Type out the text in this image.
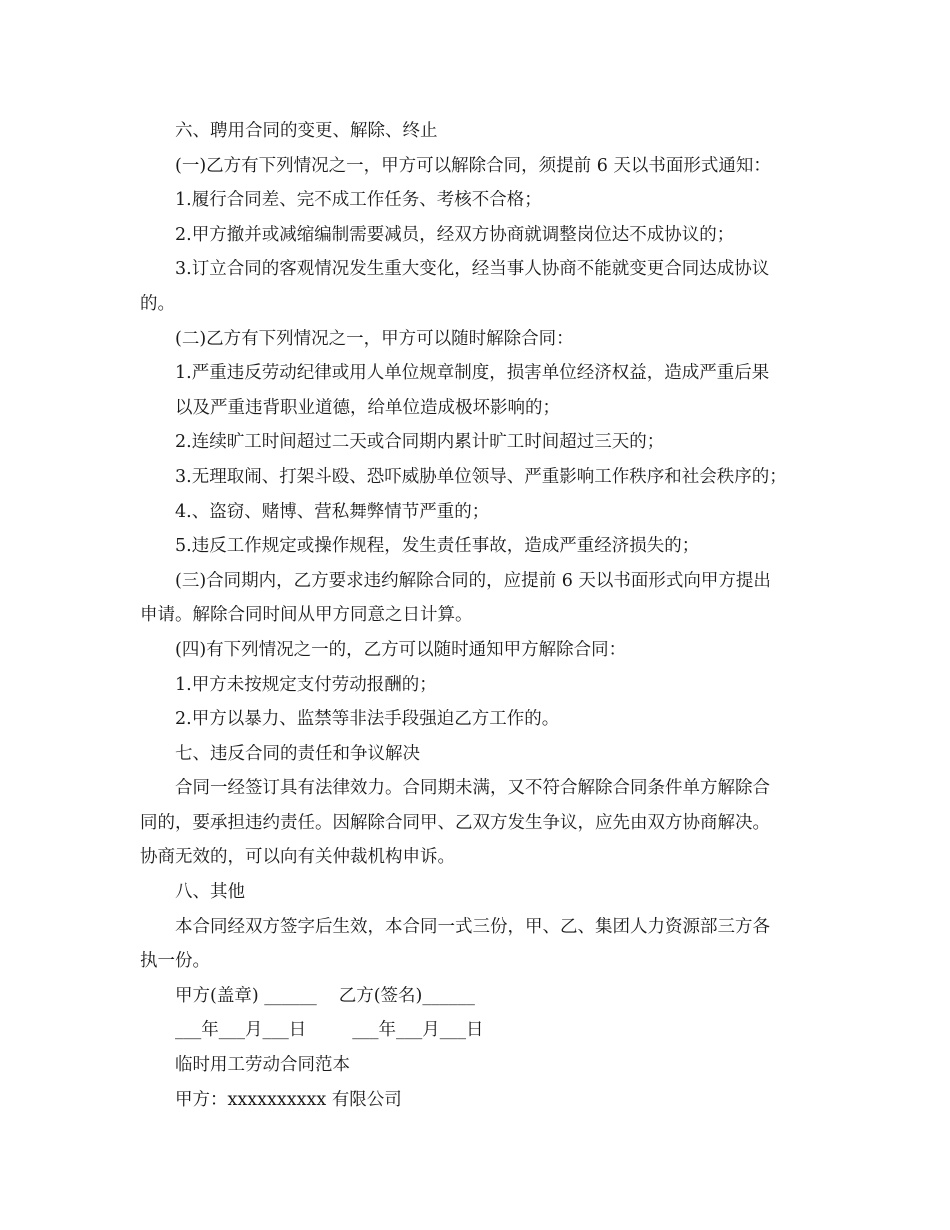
六、聘用合同的变更、解除、终止
(一)乙方有下列情况之一，甲方可以解除合同，须提前 6 天以书面形式通知：
1.履行合同差、完不成工作任务、考核不合格；
2.甲方撤并或减缩编制需要减员，经双方协商就调整岗位达不成协议的；
3.订立合同的客观情况发生重大变化，经当事人协商不能就变更合同达成协议
的。
(二)乙方有下列情况之一，甲方可以随时解除合同：
1.严重违反劳动纪律或用人单位规章制度，损害单位经济权益，造成严重后果
以及严重违背职业道德，给单位造成极坏影响的；
2.连续旷工时间超过二天或合同期内累计旷工时间超过三天的；
3.无理取闹、打架斗殴、恐吓威胁单位领导、严重影响工作秩序和社会秩序的；
4.、盗窃、赌博、营私舞弊情节严重的；
5.违反工作规定或操作规程，发生责任事故，造成严重经济损失的；
(三)合同期内，乙方要求违约解除合同的，应提前 6 天以书面形式向甲方提出
申请。解除合同时间从甲方同意之日计算。
(四)有下列情况之一的，乙方可以随时通知甲方解除合同：
1.甲方未按规定支付劳动报酬的；
2.甲方以暴力、监禁等非法手段强迫乙方工作的。
七、违反合同的责任和争议解决
合同一经签订具有法律效力。合同期未满，又不符合解除合同条件单方解除合
同的，要承担违约责任。因解除合同甲、乙双方发生争议，应先由双方协商解决。
协商无效的，可以向有关仲裁机构申诉。
八、其他
本合同经双方签字后生效，本合同一式三份，甲、乙、集团人力资源部三方各
执一份。
甲方(盖章) ______ 乙方(签名)______
___年___月___日	___年___月___日
临时用工劳动合同范本
甲方：xxxxxxxxxx 有限公司
